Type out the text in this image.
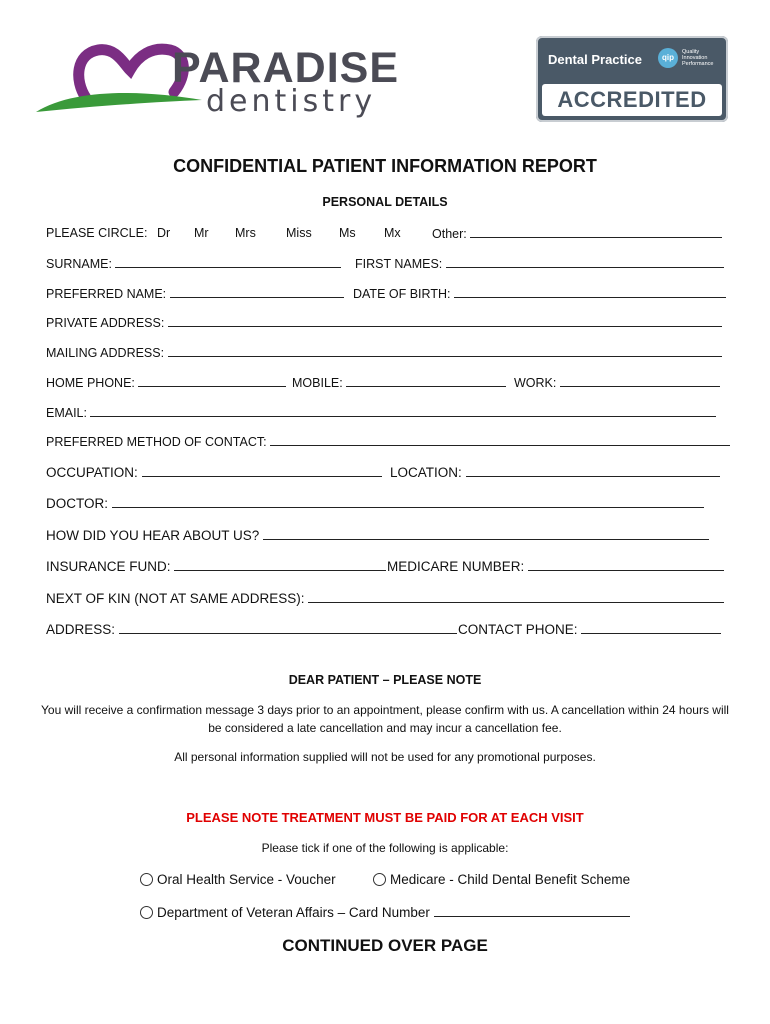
PARADISE
dentistry
Dental Practice	qip
Quality
Innovation
Performance
ACCREDITED
CONFIDENTIAL PATIENT INFORMATION REPORT
PERSONAL DETAILS
PLEASE CIRCLE: Dr Mr Mrs Miss Ms Mx	Other:
SURNAME:	FIRST NAMES:
PREFERRED NAME:	DATE OF BIRTH:
PRIVATE ADDRESS:
MAILING ADDRESS:
HOME PHONE:	MOBILE:	WORK:
EMAIL:
PREFERRED METHOD OF CONTACT:
OCCUPATION:	LOCATION:
DOCTOR:
HOW DID YOU HEAR ABOUT US?
INSURANCE FUND:	MEDICARE NUMBER:
NEXT OF KIN (NOT AT SAME ADDRESS):
ADDRESS:	CONTACT PHONE:
DEAR PATIENT – PLEASE NOTE
You will receive a confirmation message 3 days prior to an appointment, please confirm with us. A cancellation within 24 hours will
be considered a late cancellation and may incur a cancellation fee.
All personal information supplied will not be used for any promotional purposes.
PLEASE NOTE TREATMENT MUST BE PAID FOR AT EACH VISIT
Please tick if one of the following is applicable:
Oral Health Service - Voucher	Medicare - Child Dental Benefit Scheme
Department of Veteran Affairs – Card Number
CONTINUED OVER PAGE
